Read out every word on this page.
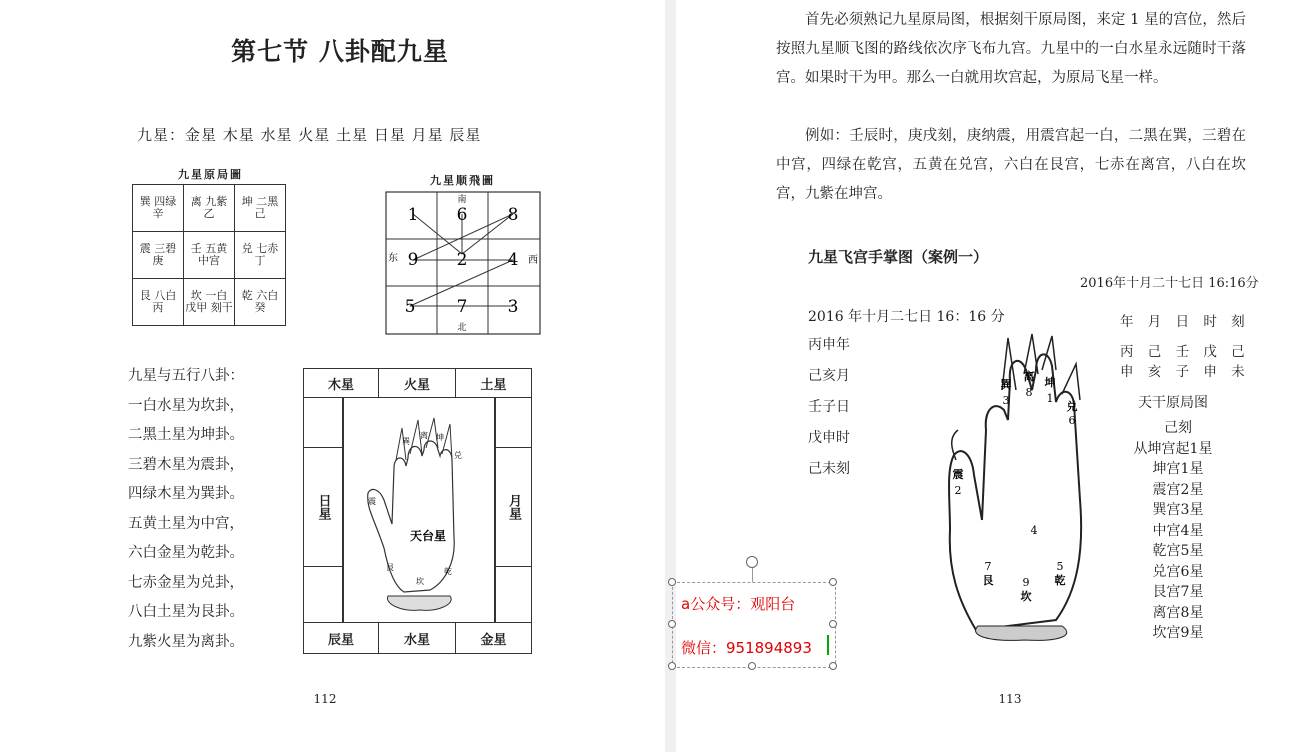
第七节 八卦配九星
九星：金星 木星 水星 火星 土星 日星 月星 辰星
九星原局圖
巽 四绿 辛	离 九紫 乙	坤 二黑 己
震 三碧 庚	壬 五黄 中宫	兑 七赤 丁
艮 八白 丙	坎 一白 戊甲 刻干	乾 六白 癸
九星顺飛圖
1 6 8
9 2 4
5 7 3
南
北
东	西
九星与五行八卦：
一白水星为坎卦，
二黑土星为坤卦。
三碧木星为震卦，
四绿木星为巽卦。
五黄土星为中宫，
六白金星为乾卦。
七赤金星为兑卦，
八白土星为艮卦。
九紫火星为离卦。
木星	火星	土星
日星	月星
辰星	水星	金星
巽
离 坤
兑
震
艮
坎
乾
天台星
112
首先必须熟记九星原局图，根据刻干原局图，来定 1 星的宫位，然后按照九星顺飞图的路线依次序飞布九宫。九星中的一白水星永远随时干落宫。如果时干为甲。那么一白就用坎宫起，为原局飞星一样。
例如：壬辰时，庚戌刻，庚纳震，用震宫起一白，二黑在巽，三碧在中宫，四绿在乾宫，五黄在兑宫，六白在艮宫，七赤在离宫，八白在坎宫，九紫在坤宫。
九星飞宫手掌图（案例一）
2016年十月二十七日 16:16分
2016 年十月二七日 16：16 分
丙申年
己亥月
壬子日
戊申时
己未刻
年 月 日 时 刻
丙 己 壬 戊 己
申 亥 子 申 未
天干原局图
己刻
从坤宫起1星
坤宫1星
震宫2星
巽宫3星
中宫4星
乾宫5星
兑宫6星
艮宫7星
离宫8星
坎宫9星
巽
3
离
8
坤
1
兑
6
震
2
4
7
艮	9
坎
5
乾
113
a公众号：观阳台
微信：951894893
